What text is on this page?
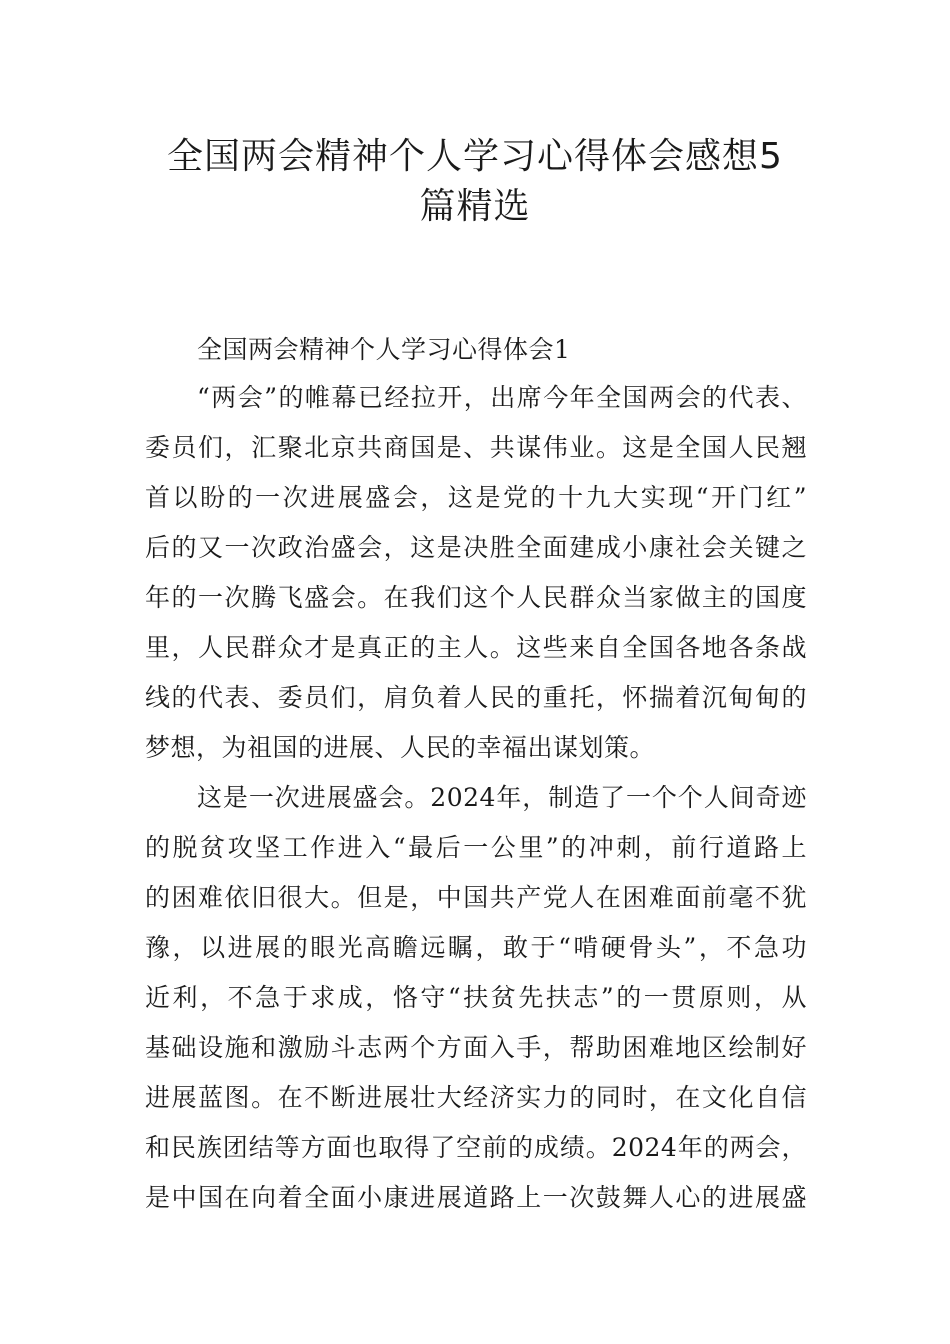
全国两会精神个人学习心得体会感想5
篇精选
全国两会精神个人学习心得体会1
“两会”的帷幕已经拉开，出席今年全国两会的代表、
委员们，汇聚北京共商国是、共谋伟业。这是全国人民翘
首以盼的一次进展盛会，这是党的十九大实现“开门红”
后的又一次政治盛会，这是决胜全面建成小康社会关键之
年的一次腾飞盛会。在我们这个人民群众当家做主的国度
里，人民群众才是真正的主人。这些来自全国各地各条战
线的代表、委员们，肩负着人民的重托，怀揣着沉甸甸的
梦想，为祖国的进展、人民的幸福出谋划策。
这是一次进展盛会。2024年，制造了一个个人间奇迹
的脱贫攻坚工作进入“最后一公里”的冲刺，前行道路上
的困难依旧很大。但是，中国共产党人在困难面前毫不犹
豫，以进展的眼光高瞻远瞩，敢于“啃硬骨头”，不急功
近利，不急于求成，恪守“扶贫先扶志”的一贯原则，从
基础设施和激励斗志两个方面入手，帮助困难地区绘制好
进展蓝图。在不断进展壮大经济实力的同时，在文化自信
和民族团结等方面也取得了空前的成绩。2024年的两会，
是中国在向着全面小康进展道路上一次鼓舞人心的进展盛
